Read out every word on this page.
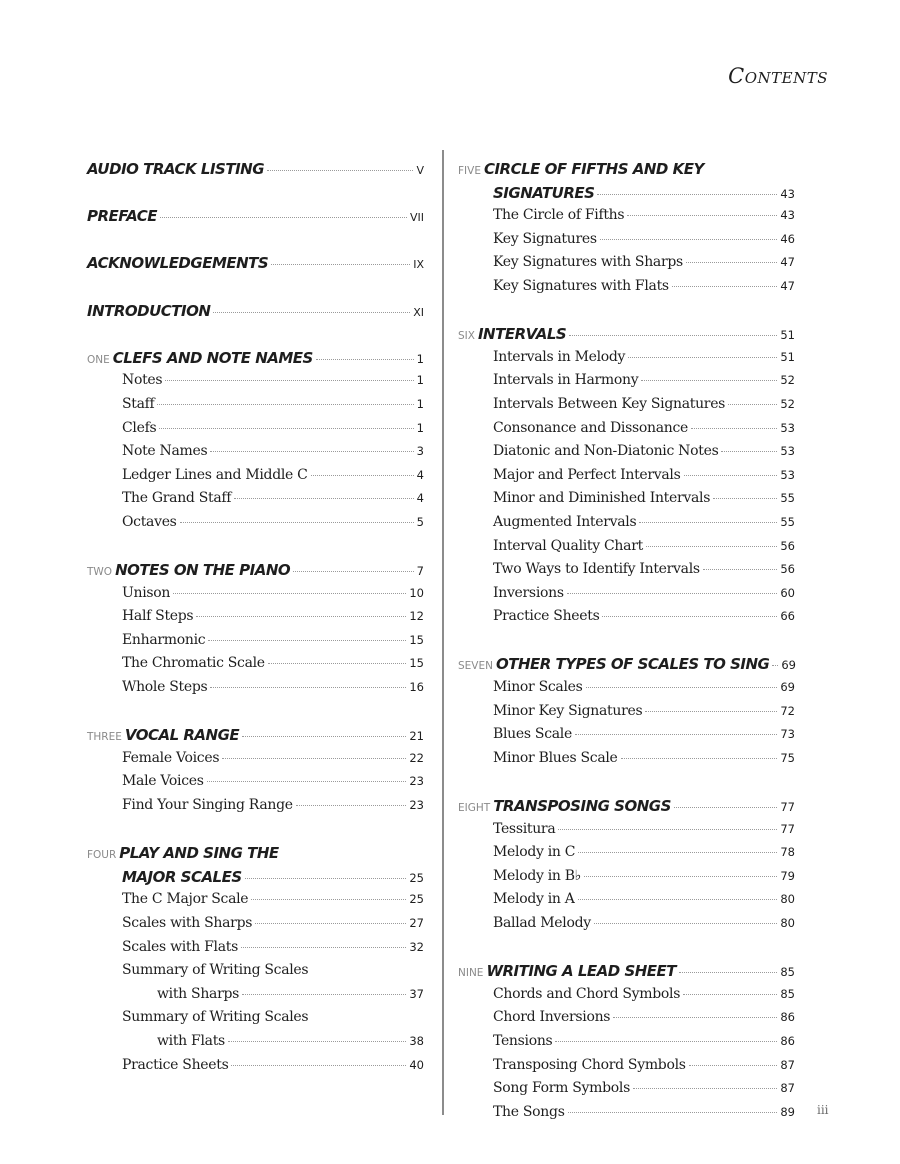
Contents
AUDIO TRACK LISTING	V
PREFACE	VII
ACKNOWLEDGEMENTS	IX
INTRODUCTION	XI
ONE CLEFS AND NOTE NAMES	1
Notes	1
Staff	1
Clefs	1
Note Names	3
Ledger Lines and Middle C	4
The Grand Staff	4
Octaves	5
TWO NOTES ON THE PIANO	7
Unison	10
Half Steps	12
Enharmonic	15
The Chromatic Scale	15
Whole Steps	16
THREE VOCAL RANGE	21
Female Voices	22
Male Voices	23
Find Your Singing Range	23
FOUR PLAY AND SING THE
MAJOR SCALES	25
The C Major Scale	25
Scales with Sharps	27
Scales with Flats	32
Summary of Writing Scales
with Sharps	37
Summary of Writing Scales
with Flats	38
Practice Sheets	40
FIVE CIRCLE OF FIFTHS AND KEY
SIGNATURES	43
The Circle of Fifths	43
Key Signatures	46
Key Signatures with Sharps	47
Key Signatures with Flats	47
SIX INTERVALS	51
Intervals in Melody	51
Intervals in Harmony	52
Intervals Between Key Signatures	52
Consonance and Dissonance	53
Diatonic and Non-Diatonic Notes	53
Major and Perfect Intervals	53
Minor and Diminished Intervals	55
Augmented Intervals	55
Interval Quality Chart	56
Two Ways to Identify Intervals	56
Inversions	60
Practice Sheets	66
SEVEN OTHER TYPES OF SCALES TO SING 69
Minor Scales	69
Minor Key Signatures	72
Blues Scale	73
Minor Blues Scale	75
EIGHT TRANSPOSING SONGS	77
Tessitura	77
Melody in C	78
Melody in B♭	79
Melody in A	80
Ballad Melody	80
NINE WRITING A LEAD SHEET	85
Chords and Chord Symbols	85
Chord Inversions	86
Tensions	86
Transposing Chord Symbols	87
Song Form Symbols	87
The Songs	89 iii
